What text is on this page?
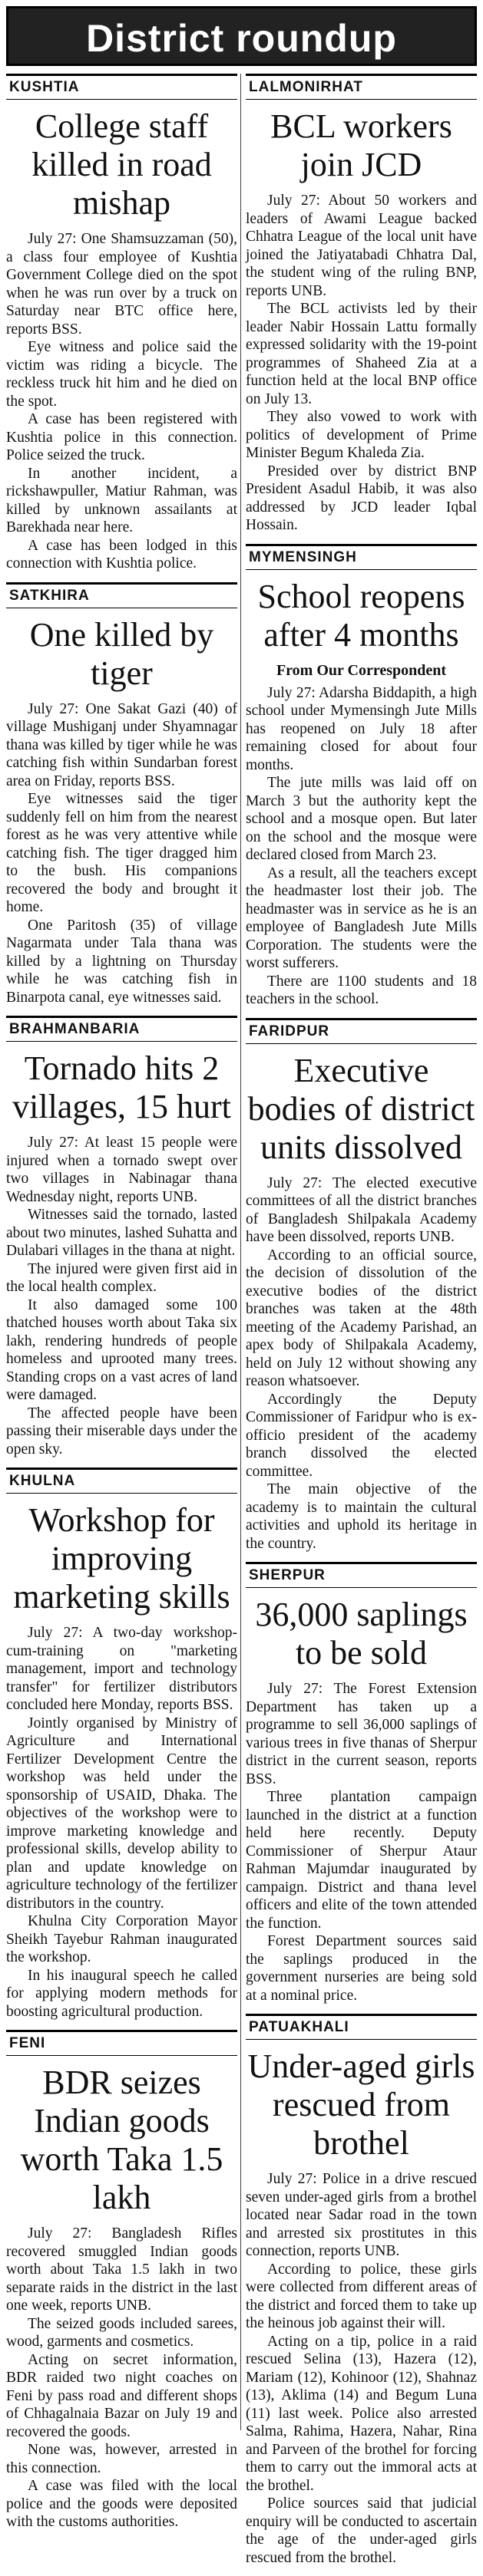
District roundup
KUSHTIA
College staff killed in road mishap

July 27: One Shamsuzzaman (50), a class four employee of Kushtia Government College died on the spot when he was run over by a truck on Saturday near BTC office here, reports BSS.

Eye witness and police said the victim was riding a bicycle. The reckless truck hit him and he died on the spot.

A case has been registered with Kushtia police in this connection. Police seized the truck.

In another incident, a rickshawpuller, Matiur Rahman, was killed by unknown assailants at Barekhada near here.

A case has been lodged in this connection with Kushtia police.

SATKHIRA
One killed by tiger

July 27: One Sakat Gazi (40) of village Mushiganj under Shyamnagar thana was killed by tiger while he was catching fish within Sundarban forest area on Friday, reports BSS.

Eye witnesses said the tiger suddenly fell on him from the nearest forest as he was very attentive while catching fish. The tiger dragged him to the bush. His companions recovered the body and brought it home.

One Paritosh (35) of village Nagarmata under Tala thana was killed by a lightning on Thursday while he was catching fish in Binarpota canal, eye witnesses said.

BRAHMANBARIA
Tornado hits 2 villages, 15 hurt

July 27: At least 15 people were injured when a tornado swept over two villages in Nabinagar thana Wednesday night, reports UNB.

Witnesses said the tornado, lasted about two minutes, lashed Suhatta and Dulabari villages in the thana at night.

The injured were given first aid in the local health complex.

It also damaged some 100 thatched houses worth about Taka six lakh, rendering hundreds of people homeless and uprooted many trees. Standing crops on a vast acres of land were damaged.

The affected people have been passing their miserable days under the open sky.

KHULNA
Workshop for improving marketing skills

July 27: A two-day workshop-cum-training on "marketing management, import and technology transfer" for fertilizer distributors concluded here Monday, reports BSS.

Jointly organised by Ministry of Agriculture and International Fertilizer Development Centre the workshop was held under the sponsorship of USAID, Dhaka. The objectives of the workshop were to improve marketing knowledge and professional skills, develop ability to plan and update knowledge on agriculture technology of the fertilizer distributors in the country.

Khulna City Corporation Mayor Sheikh Tayebur Rahman inaugurated the workshop.

In his inaugural speech he called for applying modern methods for boosting agricultural production.

FENI
BDR seizes Indian goods worth Taka 1.5 lakh

July 27: Bangladesh Rifles recovered smuggled Indian goods worth about Taka 1.5 lakh in two separate raids in the district in the last one week, reports UNB.

The seized goods included sarees, wood, garments and cosmetics.

Acting on secret information, BDR raided two night coaches on Feni by pass road and different shops of Chhagalnaia Bazar on July 19 and recovered the goods.

None was, however, arrested in this connection.

A case was filed with the local police and the goods were deposited with the customs authorities.

LALMONIRHAT
BCL workers join JCD

July 27: About 50 workers and leaders of Awami League backed Chhatra League of the local unit have joined the Jatiyatabadi Chhatra Dal, the student wing of the ruling BNP, reports UNB.

The BCL activists led by their leader Nabir Hossain Lattu formally expressed solidarity with the 19-point programmes of Shaheed Zia at a function held at the local BNP office on July 13.

They also vowed to work with politics of development of Prime Minister Begum Khaleda Zia.

Presided over by district BNP President Asadul Habib, it was also addressed by JCD leader Iqbal Hossain.

MYMENSINGH
School reopens after 4 months
From Our Correspondent

July 27: Adarsha Biddapith, a high school under Mymensingh Jute Mills has reopened on July 18 after remaining closed for about four months.

The jute mills was laid off on March 3 but the authority kept the school and a mosque open. But later on the school and the mosque were declared closed from March 23.

As a result, all the teachers except the headmaster lost their job. The headmaster was in service as he is an employee of Bangladesh Jute Mills Corporation. The students were the worst sufferers.

There are 1100 students and 18 teachers in the school.

FARIDPUR
Executive bodies of district units dissolved

July 27: The elected executive committees of all the district branches of Bangladesh Shilpakala Academy have been dissolved, reports UNB.

According to an official source, the decision of dissolution of the executive bodies of the district branches was taken at the 48th meeting of the Academy Parishad, an apex body of Shilpakala Academy, held on July 12 without showing any reason whatsoever.

Accordingly the Deputy Commissioner of Faridpur who is ex-officio president of the academy branch dissolved the elected committee.

The main objective of the academy is to maintain the cultural activities and uphold its heritage in the country.

SHERPUR
36,000 saplings to be sold

July 27: The Forest Extension Department has taken up a programme to sell 36,000 saplings of various trees in five thanas of Sherpur district in the current season, reports BSS.

Three plantation campaign launched in the district at a function held here recently. Deputy Commissioner of Sherpur Ataur Rahman Majumdar inaugurated by campaign. District and thana level officers and elite of the town attended the function.

Forest Department sources said the saplings produced in the government nurseries are being sold at a nominal price.

PATUAKHALI
Under-aged girls rescued from brothel

July 27: Police in a drive rescued seven under-aged girls from a brothel located near Sadar road in the town and arrested six prostitutes in this connection, reports UNB.

According to police, these girls were collected from different areas of the district and forced them to take up the heinous job against their will.

Acting on a tip, police in a raid rescued Selina (13), Hazera (12), Mariam (12), Kohinoor (12), Shahnaz (13), Aklima (14) and Begum Luna (11) last week. Police also arrested Salma, Rahima, Hazera, Nahar, Rina and Parveen of the brothel for forcing them to carry out the immoral acts at the brothel.

Police sources said that judicial enquiry will be conducted to ascertain the age of the under-aged girls rescued from the brothel.
